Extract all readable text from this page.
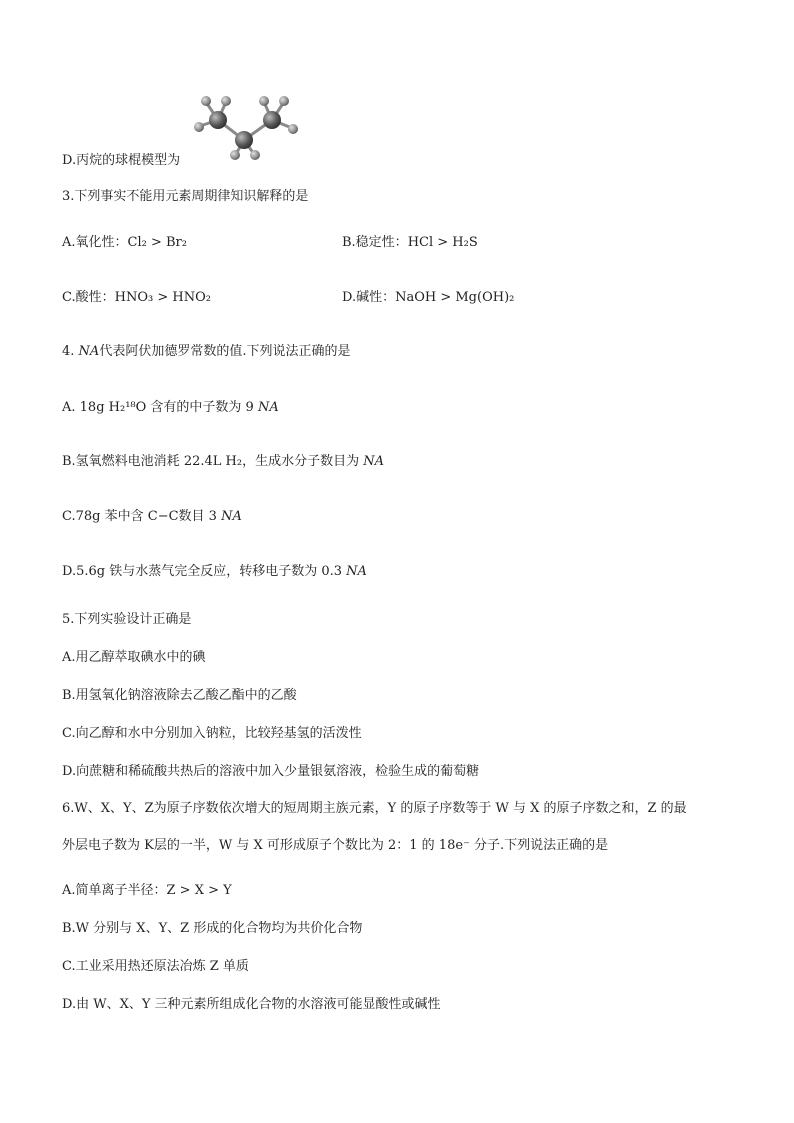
D.丙烷的球棍模型为
3.下列事实不能用元素周期律知识解释的是
A.氧化性：Cl₂ > Br₂	B.稳定性：HCl > H₂S
C.酸性：HNO₃ > HNO₂	D.碱性：NaOH > Mg(OH)₂
4. NA代表阿伏加德罗常数的值.下列说法正确的是
A. 18g H₂¹⁸O 含有的中子数为 9 NA
B.氢氧燃料电池消耗 22.4L H₂，生成水分子数目为 NA
C.78g 苯中含 C−C数目 3 NA
D.5.6g 铁与水蒸气完全反应，转移电子数为 0.3 NA
5.下列实验设计正确是
A.用乙醇萃取碘水中的碘
B.用氢氧化钠溶液除去乙酸乙酯中的乙酸
C.向乙醇和水中分别加入钠粒，比较羟基氢的活泼性
D.向蔗糖和稀硫酸共热后的溶液中加入少量银氨溶液，检验生成的葡萄糖
6.W、X、Y、Z为原子序数依次增大的短周期主族元素，Y 的原子序数等于 W 与 X 的原子序数之和，Z 的最
外层电子数为 K层的一半，W 与 X 可形成原子个数比为 2：1 的 18e⁻ 分子.下列说法正确的是
A.简单离子半径：Z > X > Y
B.W 分别与 X、Y、Z 形成的化合物均为共价化合物
C.工业采用热还原法冶炼 Z 单质
D.由 W、X、Y 三种元素所组成化合物的水溶液可能显酸性或碱性
